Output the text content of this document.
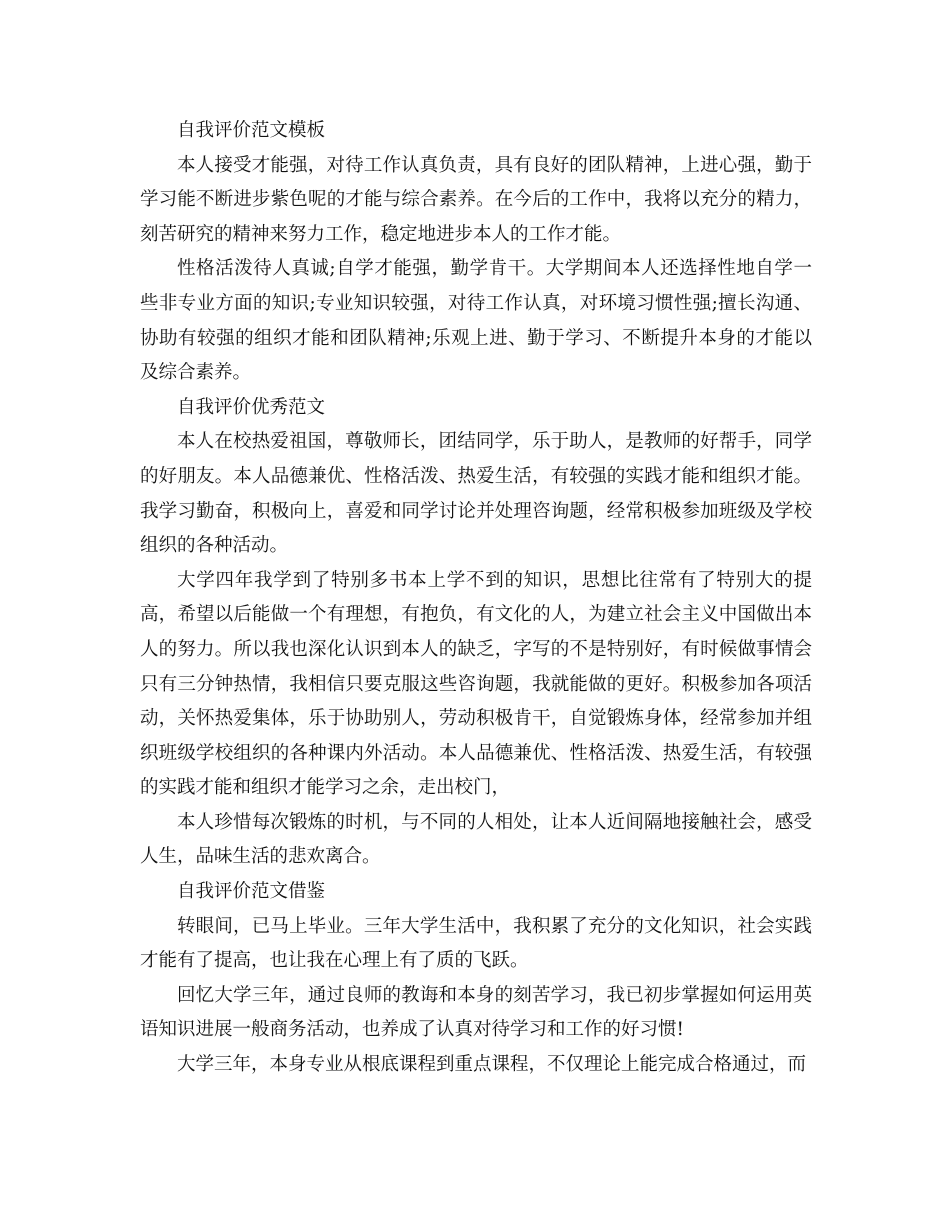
自我评价范文模板

本人接受才能强，对待工作认真负责，具有良好的团队精神，上进心强，勤于学习能不断进步紫色呢的才能与综合素养。在今后的工作中，我将以充分的精力，刻苦研究的精神来努力工作，稳定地进步本人的工作才能。

性格活泼待人真诚;自学才能强，勤学肯干。大学期间本人还选择性地自学一些非专业方面的知识;专业知识较强，对待工作认真，对环境习惯性强;擅长沟通、协助有较强的组织才能和团队精神;乐观上进、勤于学习、不断提升本身的才能以及综合素养。

自我评价优秀范文

本人在校热爱祖国，尊敬师长，团结同学，乐于助人，是教师的好帮手，同学的好朋友。本人品德兼优、性格活泼、热爱生活，有较强的实践才能和组织才能。我学习勤奋，积极向上，喜爱和同学讨论并处理咨询题，经常积极参加班级及学校组织的各种活动。

大学四年我学到了特别多书本上学不到的知识，思想比往常有了特别大的提高，希望以后能做一个有理想，有抱负，有文化的人，为建立社会主义中国做出本人的努力。所以我也深化认识到本人的缺乏，字写的不是特别好，有时候做事情会只有三分钟热情，我相信只要克服这些咨询题，我就能做的更好。积极参加各项活动，关怀热爱集体，乐于协助别人，劳动积极肯干，自觉锻炼身体，经常参加并组织班级学校组织的各种课内外活动。本人品德兼优、性格活泼、热爱生活，有较强的实践才能和组织才能学习之余，走出校门，

本人珍惜每次锻炼的时机，与不同的人相处，让本人近间隔地接触社会，感受人生，品味生活的悲欢离合。

自我评价范文借鉴

转眼间，已马上毕业。三年大学生活中，我积累了充分的文化知识，社会实践才能有了提高，也让我在心理上有了质的飞跃。

回忆大学三年，通过良师的教诲和本身的刻苦学习，我已初步掌握如何运用英语知识进展一般商务活动，也养成了认真对待学习和工作的好习惯!

大学三年，本身专业从根底课程到重点课程，不仅理论上能完成合格通过，而
